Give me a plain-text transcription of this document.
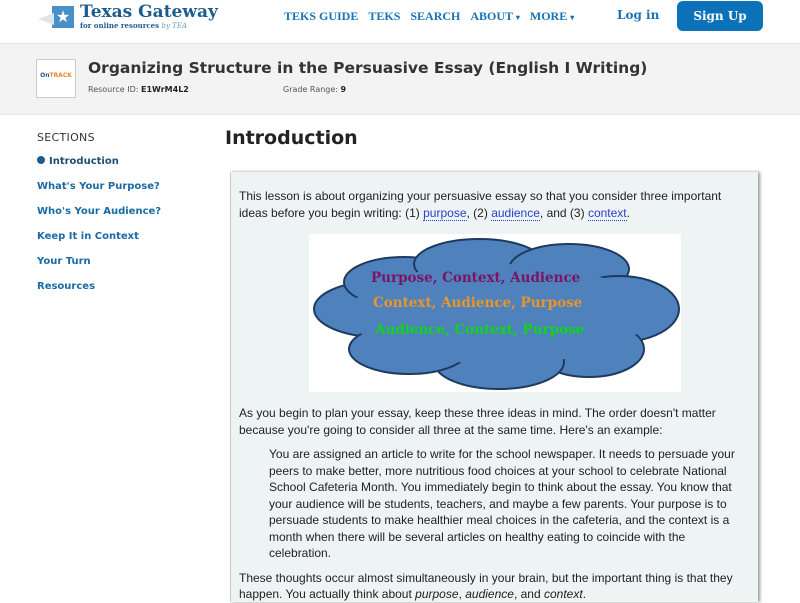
★ Texas Gateway
for online resources by TEA
TEKS GUIDE TEKS SEARCH ABOUT ▾ MORE ▾	Log in	Sign Up
OnTRACK Organizing Structure in the Persuasive Essay (English I Writing)
Resource ID: E1WrM4L2	Grade Range: 9
SECTIONS
Introduction
What's Your Purpose?
Who's Your Audience?
Keep It in Context
Your Turn
Resources
Introduction
This lesson is about organizing your persuasive essay so that you consider three important ideas before you begin writing: (1) purpose, (2) audience, and (3) context.
Purpose, Context, Audience
Context, Audience, Purpose
Audience, Context, Purpose
As you begin to plan your essay, keep these three ideas in mind. The order doesn't matter because you're going to consider all three at the same time. Here's an example:
You are assigned an article to write for the school newspaper. It needs to persuade your peers to make better, more nutritious food choices at your school to celebrate National School Cafeteria Month. You immediately begin to think about the essay. You know that your audience will be students, teachers, and maybe a few parents. Your purpose is to persuade students to make healthier meal choices in the cafeteria, and the context is a month when there will be several articles on healthy eating to coincide with the celebration.
These thoughts occur almost simultaneously in your brain, but the important thing is that they happen. You actually think about purpose, audience, and context.
